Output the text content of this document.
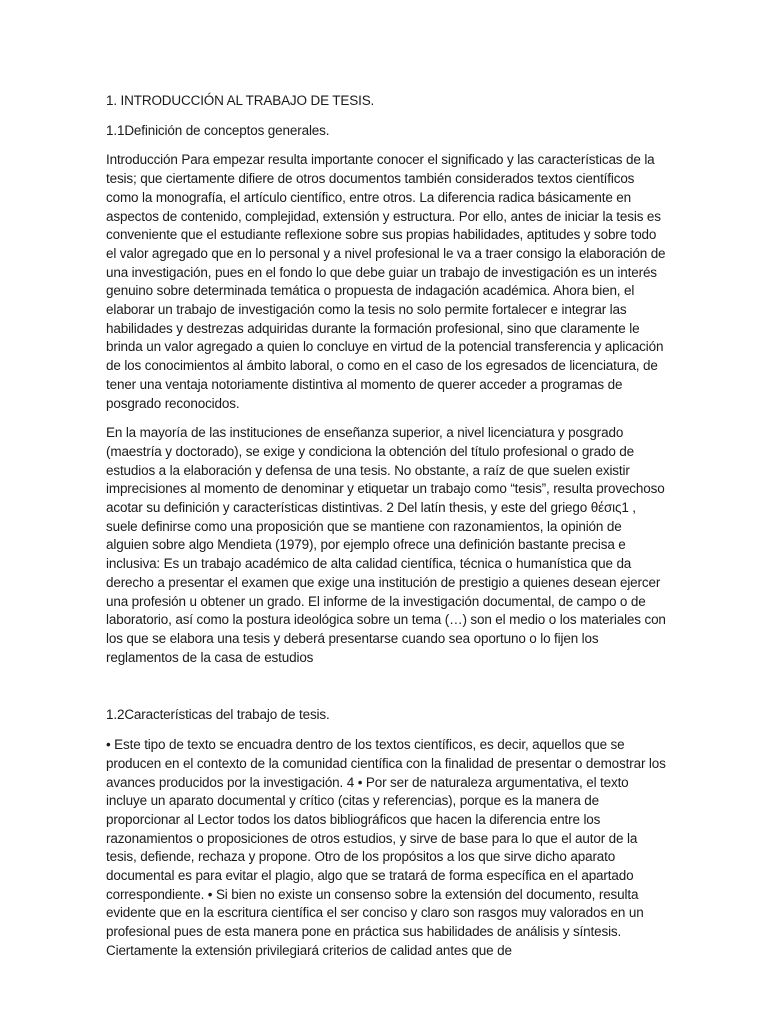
1. INTRODUCCIÓN AL TRABAJO DE TESIS.

1.1Definición de conceptos generales.

Introducción Para empezar resulta importante conocer el significado y las características de la tesis; que ciertamente difiere de otros documentos también considerados textos científicos como la monografía, el artículo científico, entre otros. La diferencia radica básicamente en aspectos de contenido, complejidad, extensión y estructura. Por ello, antes de iniciar la tesis es conveniente que el estudiante reflexione sobre sus propias habilidades, aptitudes y sobre todo el valor agregado que en lo personal y a nivel profesional le va a traer consigo la elaboración de una investigación, pues en el fondo lo que debe guiar un trabajo de investigación es un interés genuino sobre determinada temática o propuesta de indagación académica. Ahora bien, el elaborar un trabajo de investigación como la tesis no solo permite fortalecer e integrar las habilidades y destrezas adquiridas durante la formación profesional, sino que claramente le brinda un valor agregado a quien lo concluye en virtud de la potencial transferencia y aplicación de los conocimientos al ámbito laboral, o como en el caso de los egresados de licenciatura, de tener una ventaja notoriamente distintiva al momento de querer acceder a programas de posgrado reconocidos.

En la mayoría de las instituciones de enseñanza superior, a nivel licenciatura y posgrado (maestría y doctorado), se exige y condiciona la obtención del título profesional o grado de estudios a la elaboración y defensa de una tesis. No obstante, a raíz de que suelen existir imprecisiones al momento de denominar y etiquetar un trabajo como “tesis”, resulta provechoso acotar su definición y características distintivas. 2 Del latín thesis, y este del griego θέσις1 , suele definirse como una proposición que se mantiene con razonamientos, la opinión de alguien sobre algo Mendieta (1979), por ejemplo ofrece una definición bastante precisa e inclusiva: Es un trabajo académico de alta calidad científica, técnica o humanística que da derecho a presentar el examen que exige una institución de prestigio a quienes desean ejercer una profesión u obtener un grado. El informe de la investigación documental, de campo o de laboratorio, así como la postura ideológica sobre un tema (…) son el medio o los materiales con los que se elabora una tesis y deberá presentarse cuando sea oportuno o lo fijen los reglamentos de la casa de estudios

1.2Características del trabajo de tesis.

• Este tipo de texto se encuadra dentro de los textos científicos, es decir, aquellos que se producen en el contexto de la comunidad científica con la finalidad de presentar o demostrar los avances producidos por la investigación. 4 • Por ser de naturaleza argumentativa, el texto incluye un aparato documental y crítico (citas y referencias), porque es la manera de proporcionar al Lector todos los datos bibliográficos que hacen la diferencia entre los razonamientos o proposiciones de otros estudios, y sirve de base para lo que el autor de la tesis, defiende, rechaza y propone. Otro de los propósitos a los que sirve dicho aparato documental es para evitar el plagio, algo que se tratará de forma específica en el apartado correspondiente. • Si bien no existe un consenso sobre la extensión del documento, resulta evidente que en la escritura científica el ser conciso y claro son rasgos muy valorados en un profesional pues de esta manera pone en práctica sus habilidades de análisis y síntesis. Ciertamente la extensión privilegiará criterios de calidad antes que de
